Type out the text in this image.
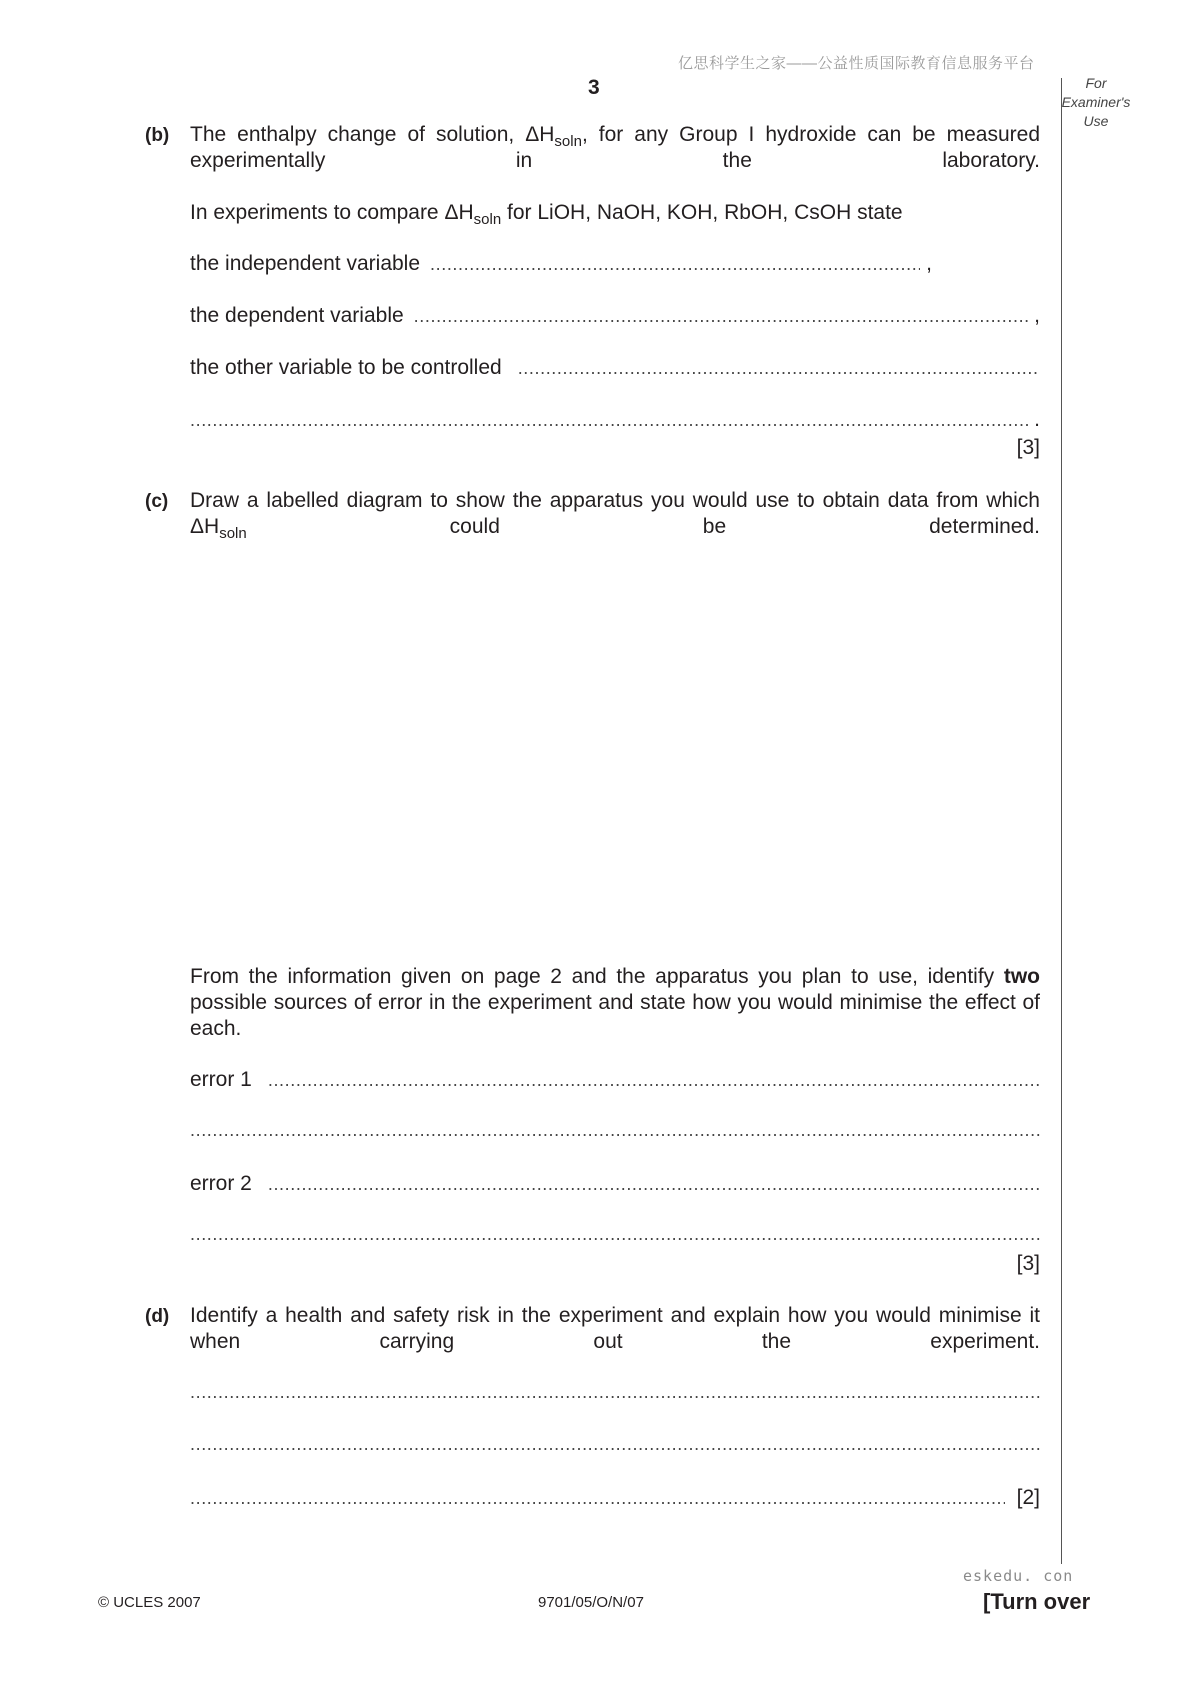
亿思科学生之家——公益性质国际教育信息服务平台
3	For
Examiner's
Use
(b) The enthalpy change of solution, $\Delta H_{soln}$, for any Group I hydroxide can be measured experimentally in the laboratory.
In experiments to compare $\Delta H_{soln}$ for LiOH, NaOH, KOH, RbOH, CsOH state
the independent variable .....	,
the dependent variable .....	,
the other variable to be controlled
.....
.....
.
[3]
(c) Draw a labelled diagram to show the apparatus you would use to obtain data from which $\Delta H_{soln}$ could be determined.
From the information given on page 2 and the apparatus you plan to use, identify two possible sources of error in the experiment and state how you would minimise the effect of each.
error 1
.....
.....
error 2
.....
.....
[3]
(d) Identify a health and safety risk in the experiment and explain how you would minimise it when carrying out the experiment.
.....
.....
.....
[2]
eskedu. con
© UCLES 2007	9701/05/O/N/07	[Turn over
